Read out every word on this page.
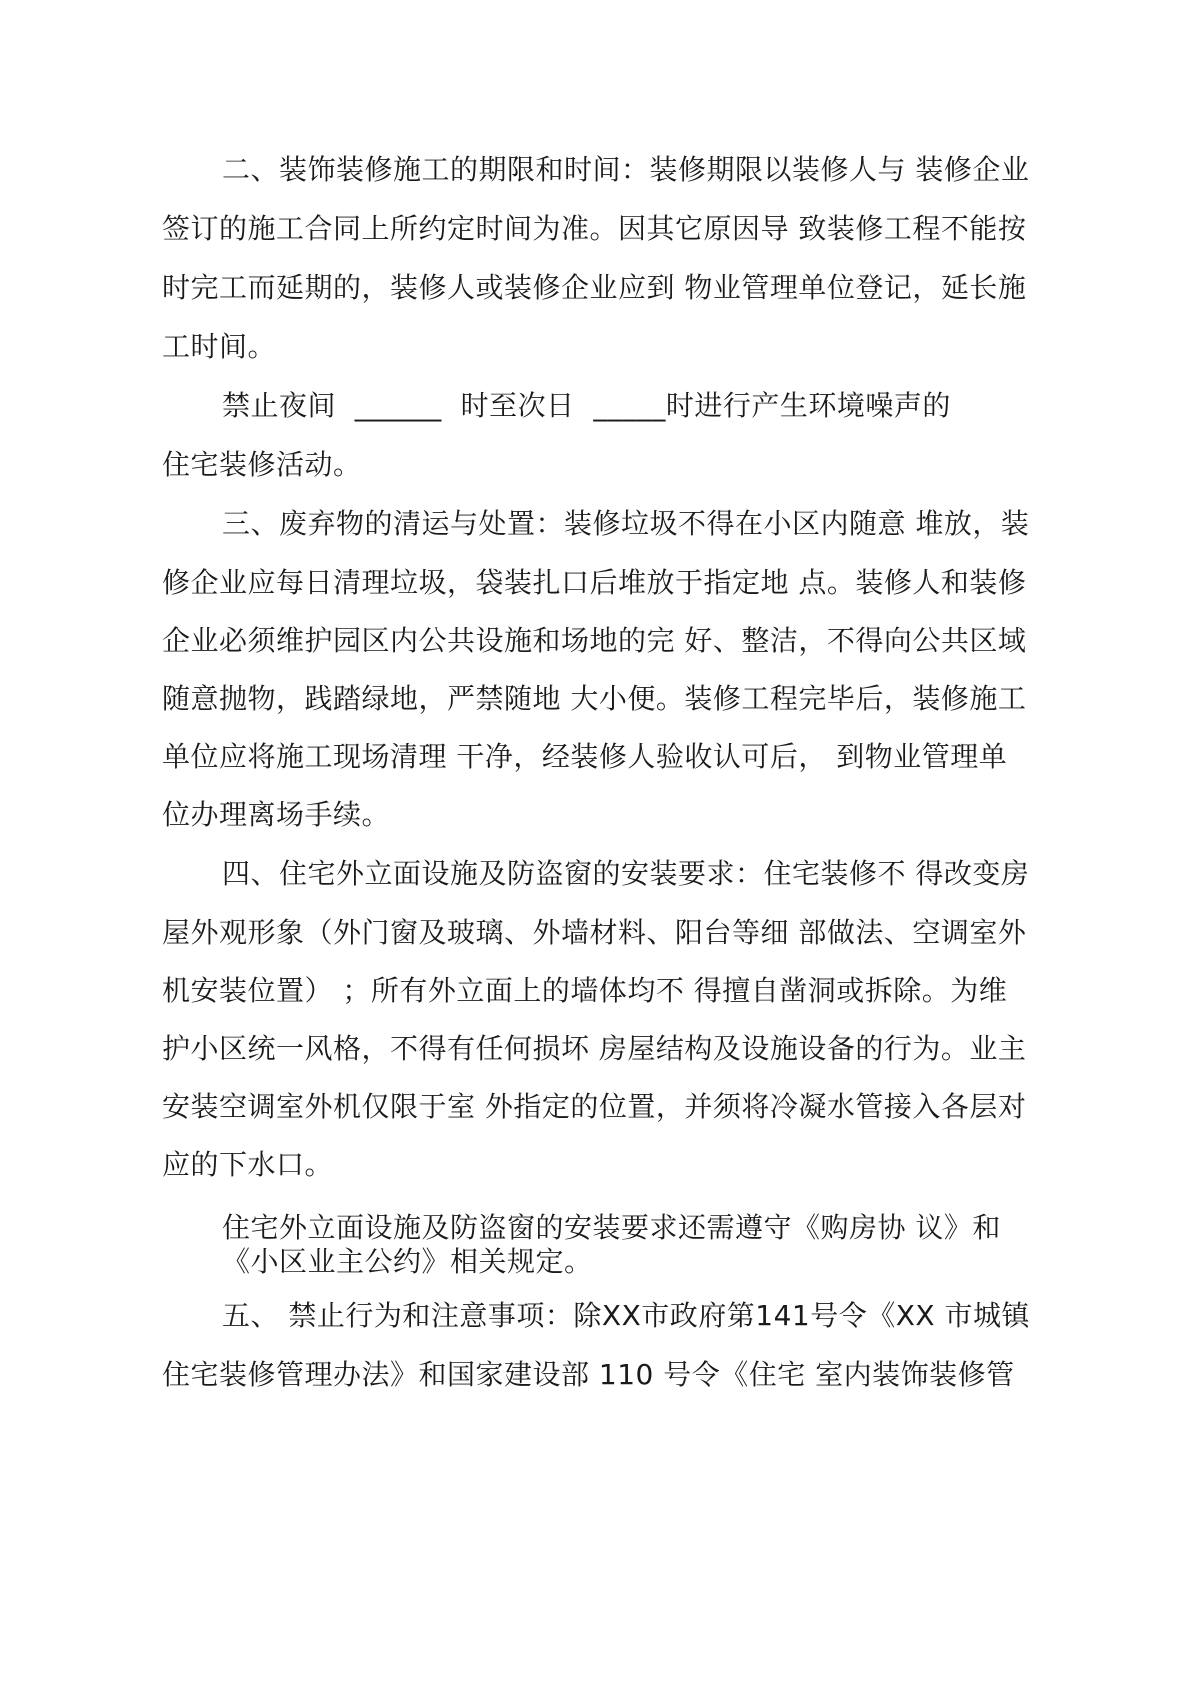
二、装饰装修施工的期限和时间：装修期限以装修人与 装修企业
签订的施工合同上所约定时间为准。因其它原因导 致装修工程不能按
时完工而延期的，装修人或装修企业应到 物业管理单位登记，延长施
工时间。
禁止夜间  ______  时至次日  _____时进行产生环境噪声的
住宅装修活动。
三、废弃物的清运与处置：装修垃圾不得在小区内随意 堆放，装
修企业应每日清理垃圾，袋装扎口后堆放于指定地 点。装修人和装修
企业必须维护园区内公共设施和场地的完 好、整洁，不得向公共区域
随意抛物，践踏绿地，严禁随地 大小便。装修工程完毕后，装修施工
单位应将施工现场清理 干净，经装修人验收认可后， 到物业管理单
位办理离场手续。
四、住宅外立面设施及防盗窗的安装要求：住宅装修不 得改变房
屋外观形象（外门窗及玻璃、外墙材料、阳台等细 部做法、空调室外
机安装位置） ；所有外立面上的墙体均不 得擅自凿洞或拆除。为维
护小区统一风格，不得有任何损坏 房屋结构及设施设备的行为。业主
安装空调室外机仅限于室 外指定的位置，并须将冷凝水管接入各层对
应的下水口。
住宅外立面设施及防盗窗的安装要求还需遵守《购房协 议》和
《小区业主公约》相关规定。
五、 禁止行为和注意事项：除XX市政府第141号令《XX 市城镇
住宅装修管理办法》和国家建设部 110 号令《住宅 室内装饰装修管
